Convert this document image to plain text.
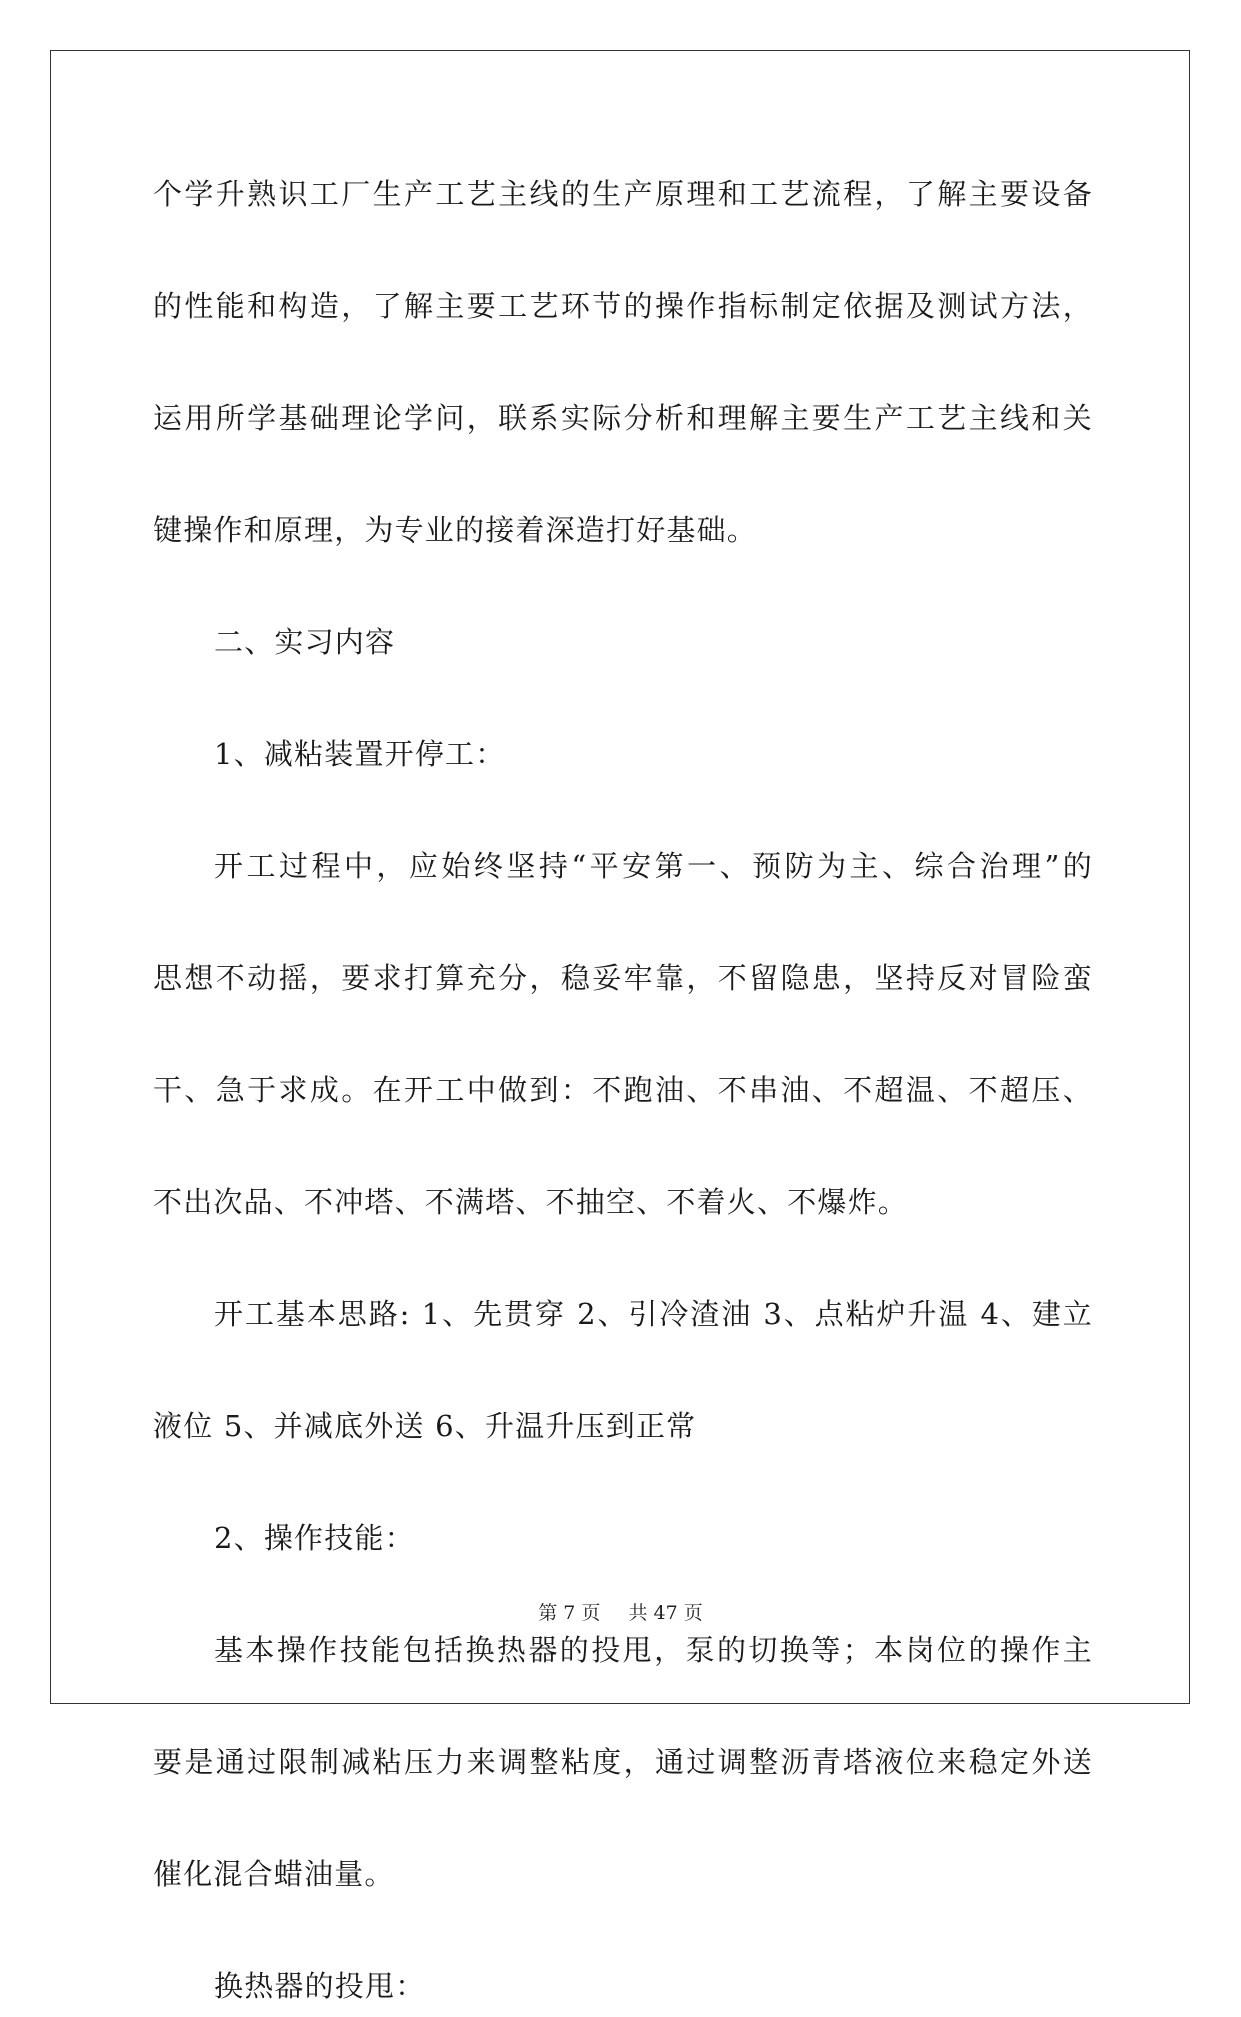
个学升熟识工厂生产工艺主线的生产原理和工艺流程，了解主要设备
的性能和构造，了解主要工艺环节的操作指标制定依据及测试方法，
运用所学基础理论学问，联系实际分析和理解主要生产工艺主线和关
键操作和原理，为专业的接着深造打好基础。
二、实习内容
1、减粘装置开停工：
开工过程中，应始终坚持“平安第一、预防为主、综合治理”的
思想不动摇，要求打算充分，稳妥牢靠，不留隐患，坚持反对冒险蛮
干、急于求成。在开工中做到：不跑油、不串油、不超温、不超压、
不出次品、不冲塔、不满塔、不抽空、不着火、不爆炸。
开工基本思路: 1、先贯穿 2、引冷渣油 3、点粘炉升温 4、建立
液位 5、并减底外送 6、升温升压到正常
2、操作技能：
基本操作技能包括换热器的投甩，泵的切换等；本岗位的操作主
要是通过限制减粘压力来调整粘度，通过调整沥青塔液位来稳定外送
催化混合蜡油量。
换热器的投甩：
第 7 页 共 47 页
